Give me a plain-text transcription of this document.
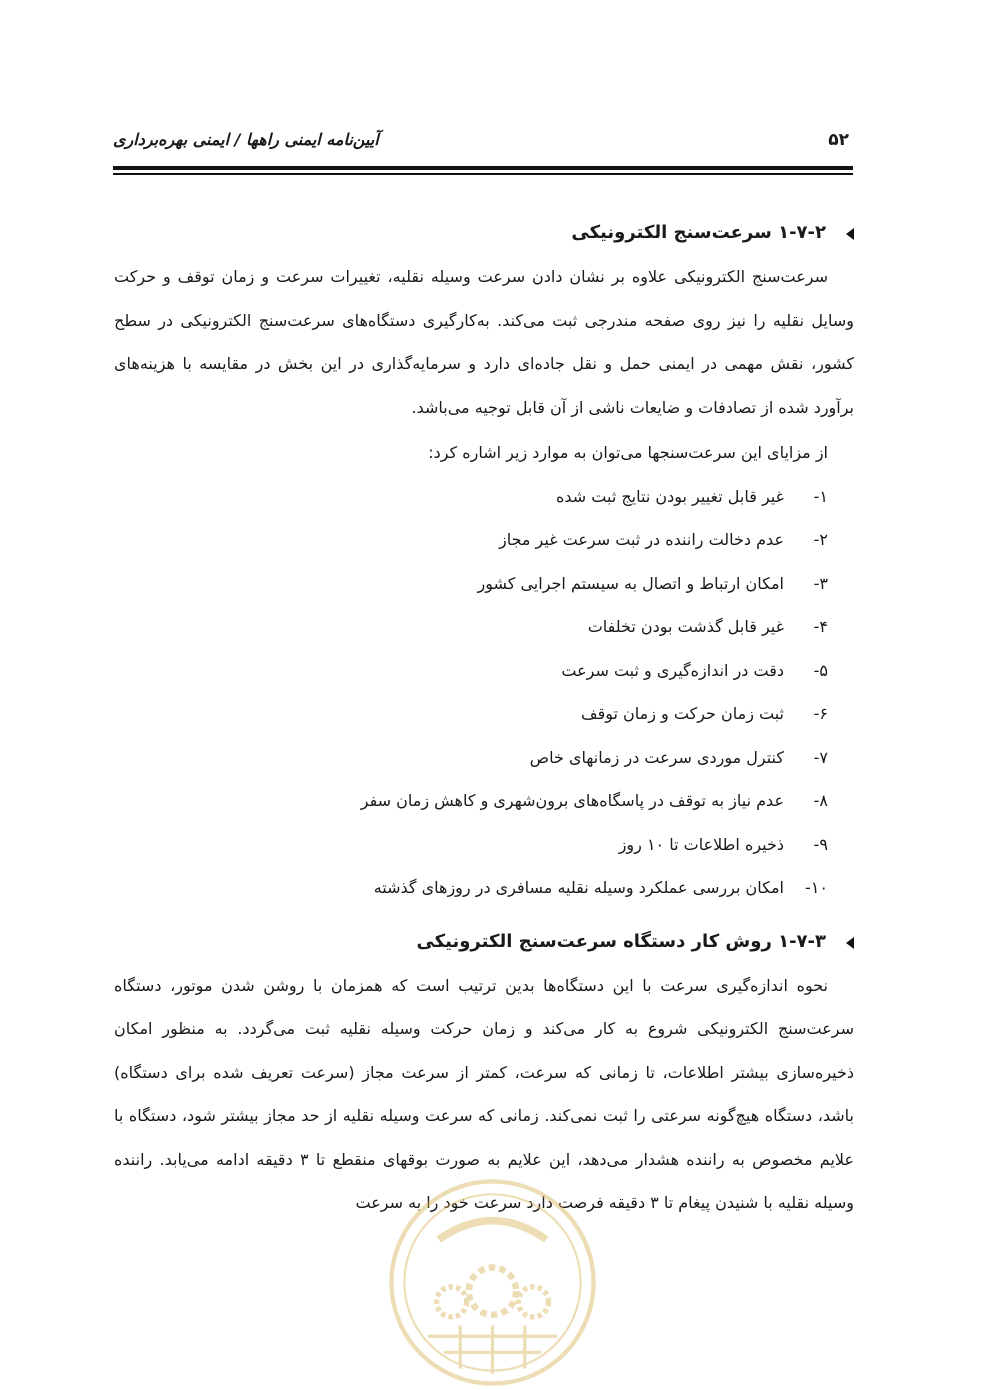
۵۲
آیین‌نامه ایمنی راهها / ایمنی بهره‌برداری
۱-۷-۲ سرعت‌سنج الکترونیکی

سرعت‌سنج الکترونیکی علاوه بر نشان دادن سرعت وسیله نقلیه، تغییرات سرعت و زمان توقف و حرکت وسایل نقلیه را نیز روی صفحه مندرجی ثبت می‌کند. به‌کارگیری دستگاه‌های سرعت‌سنج الکترونیکی در سطح کشور، نقش مهمی در ایمنی حمل و نقل جاده‌ای دارد و سرمایه‌گذاری در این بخش در مقایسه با هزینه‌های برآورد شده از تصادفات و ضایعات ناشی از آن قابل توجیه می‌باشد.

از مزایای این سرعت‌سنجها می‌توان به موارد زیر اشاره کرد:

۱-
غیر قابل تغییر بودن نتایج ثبت شده
۲-
عدم دخالت راننده در ثبت سرعت غیر مجاز
۳-
امکان ارتباط و اتصال به سیستم اجرایی کشور
۴-
غیر قابل گذشت بودن تخلفات
۵-
دقت در اندازه‌گیری و ثبت سرعت
۶-
ثبت زمان حرکت و زمان توقف
۷-
کنترل موردی سرعت در زمانهای خاص
۸-
عدم نیاز به توقف در پاسگاه‌های برون‌شهری و کاهش زمان سفر
۹-
ذخیره اطلاعات تا ۱۰ روز
۱۰-
امکان بررسی عملکرد وسیله نقلیه مسافری در روزهای گذشته
۱-۷-۳ روش کار دستگاه سرعت‌سنج الکترونیکی

نحوه اندازه‌گیری سرعت با این دستگاه‌ها بدین ترتیب است که همزمان با روشن شدن موتور، دستگاه سرعت‌سنج الکترونیکی شروع به کار می‌کند و زمان حرکت وسیله نقلیه ثبت می‌گردد. به منظور امکان ذخیره‌سازی بیشتر اطلاعات، تا زمانی که سرعت، کمتر از سرعت مجاز (سرعت تعریف شده برای دستگاه) باشد، دستگاه هیچ‌گونه سرعتی را ثبت نمی‌کند. زمانی که سرعت وسیله نقلیه از حد مجاز بیشتر شود، دستگاه با علایم مخصوص به راننده هشدار می‌دهد، این علایم به صورت بوقهای منقطع تا ۳ دقیقه ادامه می‌یابد. راننده وسیله نقلیه با شنیدن پیغام تا ۳ دقیقه فرصت دارد سرعت خود را به سرعت
